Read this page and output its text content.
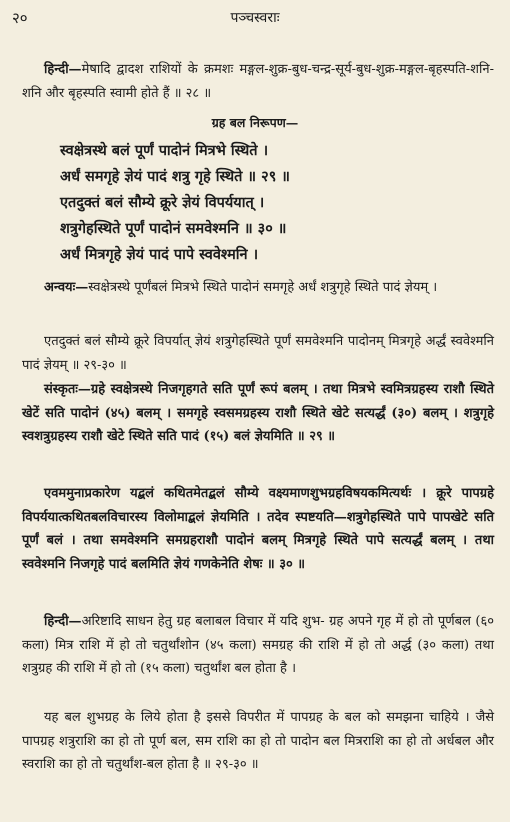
२०	पञ्चस्वराः
हिन्दी—मेषादि द्वादश राशियों के क्रमशः मङ्गल-शुक्र-बुध-चन्द्र-सूर्य-बुध-शुक्र-मङ्गल-बृहस्पति-शनि-शनि और बृहस्पति स्वामी होते हैं ॥ २८ ॥
ग्रह बल निरूपण—
स्वक्षेत्रस्थे बलं पूर्णं पादोनं मित्रभे स्थिते ।
अर्धं समगृहे ज्ञेयं पादं शत्रु गृहे स्थिते ॥ २९ ॥
एतदुक्तं बलं सौम्ये क्रूरे ज्ञेयं विपर्ययात् ।
शत्रुगेहस्थिते पूर्णं पादोनं समवेश्मनि ॥ ३० ॥
अर्धं मित्रगृहे ज्ञेयं पादं पापे स्ववेश्मनि ।
अन्वयः—स्वक्षेत्रस्थे पूर्णंबलं मित्रभे स्थिते पादोनं समगृहे अर्धं शत्रुगृहे स्थिते पादं ज्ञेयम् ।
एतदुक्तं बलं सौम्ये क्रूरे विपर्यात् ज्ञेयं शत्रुगेहस्थिते पूर्णं समवेश्मनि पादोनम् मित्रगृहे अर्द्धं स्ववेश्मनि पादं ज्ञेयम् ॥ २९-३० ॥
संस्कृतः—ग्रहे स्वक्षेत्रस्थे निजगृहगते सति पूर्णं रूपं बलम् । तथा मित्रभे स्वमित्रग्रहस्य राशौ स्थिते खेटें सति पादोनं (४५) बलम् । समगृहे स्वसमग्रहस्य राशौ स्थिते खेटे सत्यर्द्धं (३०) बलम् । शत्रुगृहे स्वशत्रुग्रहस्य राशौ खेटे स्थिते सति पादं (१५) बलं ज्ञेयमिति ॥ २९ ॥
एवममुनाप्रकारेण यद्बलं कथितमेतद्बलं सौम्ये वक्ष्यमाणशुभग्रहविषयकमित्यर्थः । क्रूरे पापग्रहे विपर्ययात्कथितबलविचारस्य विलोमाद्बलं ज्ञेयमिति । तदेव स्पष्टयति—शत्रुगेहस्थिते पापे पापखेटे सति पूर्णं बलं । तथा समवेश्मनि समग्रहराशौ पादोनं बलम् मित्रगृहे स्थिते पापे सत्यर्द्धं बलम् । तथा स्ववेश्मनि निजगृहे पादं बलमिति ज्ञेयं गणकेनेति शेषः ॥ ३० ॥
हिन्दी—अरिष्टादि साधन हेतु ग्रह बलाबल विचार में यदि शुभ- ग्रह अपने गृह में हो तो पूर्णबल (६० कला) मित्र राशि में हो तो चतुर्थांशोन (४५ कला) समग्रह की राशि में हो तो अर्द्ध (३० कला) तथा शत्रुग्रह की राशि में हो तो (१५ कला) चतुर्थांश बल होता है ।
यह बल शुभग्रह के लिये होता है इससे विपरीत में पापग्रह के बल को समझना चाहिये । जैसे पापग्रह शत्रुराशि का हो तो पूर्ण बल, सम राशि का हो तो पादोन बल मित्रराशि का हो तो अर्धबल और स्वराशि का हो तो चतुर्थांश-बल होता है ॥ २९-३० ॥
